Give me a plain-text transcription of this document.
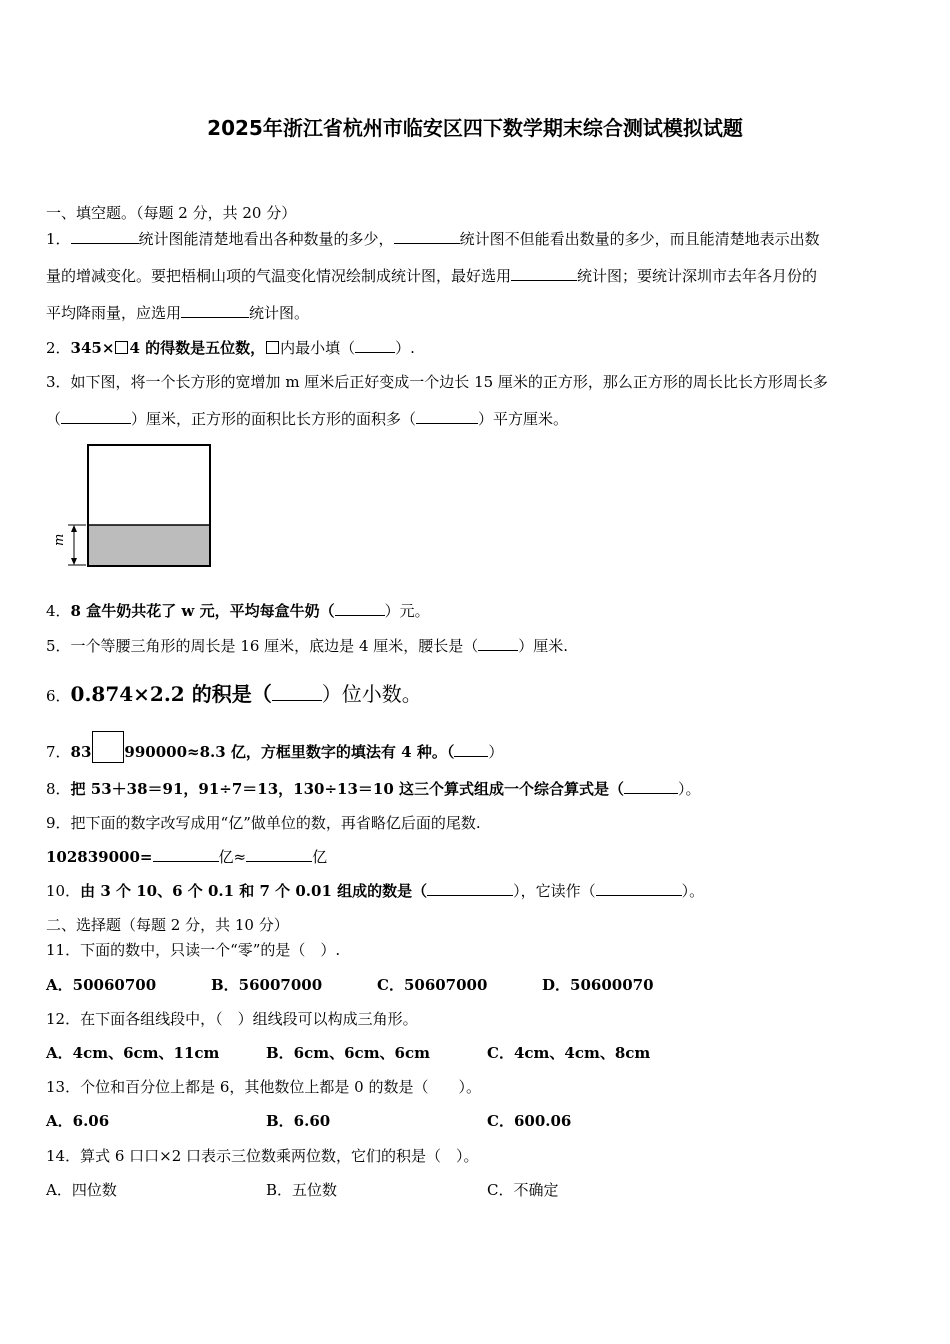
2025年浙江省杭州市临安区四下数学期末综合测试模拟试题
一、填空题。（每题 2 分，共 20 分）
1．	统计图能清楚地看出各种数量的多少，	统计图不但能看出数量的多少，而且能清楚地表示出数
量的增减变化。要把梧桐山项的气温变化情况绘制成统计图，最好选用	统计图；要统计深圳市去年各月份的
平均降雨量，应选用	统计图。
2．345× 4 的得数是五位数， 内最小填（	）.
3．如下图，将一个长方形的宽增加 m 厘米后正好变成一个边长 15 厘米的正方形，那么正方形的周长比长方形周长多
（	）厘米，正方形的面积比长方形的面积多（	）平方厘米。
m
4．8 盒牛奶共花了 w 元，平均每盒牛奶（	）元。
5．一个等腰三角形的周长是 16 厘米，底边是 4 厘米，腰长是（	）厘米.
6．0.874×2.2 的积是（	）位小数。
7．83 990000≈8.3 亿，方框里数字的填法有 4 种。（ ）
8．把 53＋38＝91，91÷7＝13，130÷13＝10 这三个算式组成一个综合算式是（	）。
9．把下面的数字改写成用“亿”做单位的数，再省略亿后面的尾数.
102839000=	亿≈	亿
10．由 3 个 10、6 个 0.1 和 7 个 0.01 组成的数是（	），它读作（	）。
二、选择题（每题 2 分，共 10 分）
11．下面的数中，只读一个“零”的是（　）.
A．50060700	B．56007000	C．50607000	D．50600070
12．在下面各组线段中，（　）组线段可以构成三角形。
A．4cm、6cm、11cm	B．6cm、6cm、6cm	C．4cm、4cm、8cm
13．个位和百分位上都是 6，其他数位上都是 0 的数是（　　）。
A．6.06	B．6.60	C．600.06
14．算式 6 口口×2 口表示三位数乘两位数，它们的积是（　）。
A．四位数	B．五位数	C．不确定
